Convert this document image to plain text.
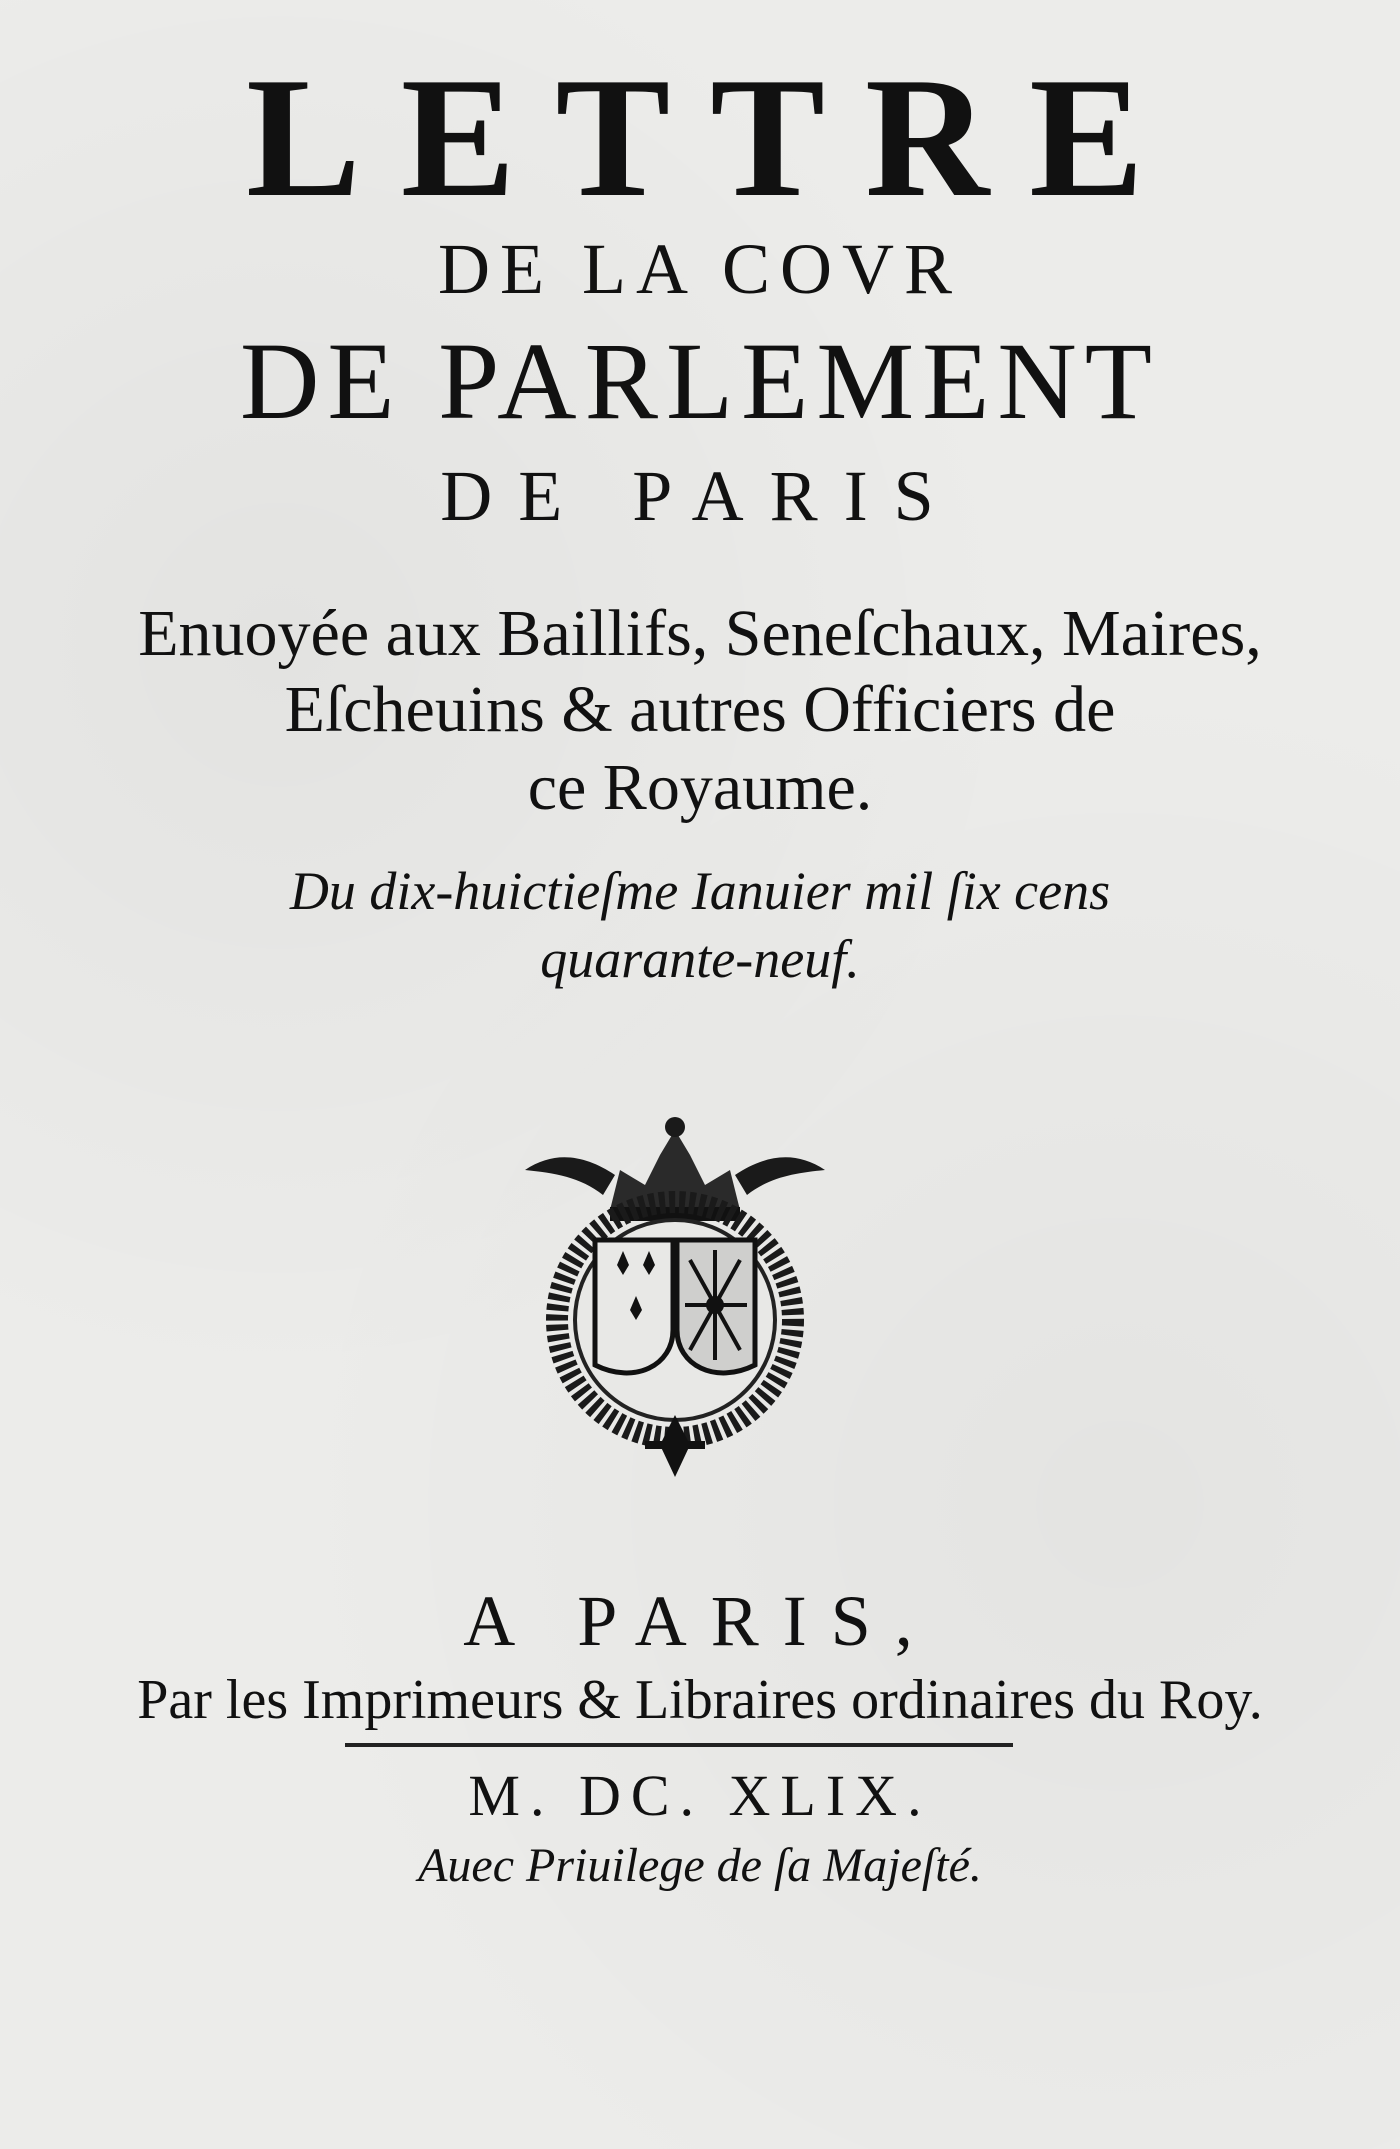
LETTRE
DE LA COVR
DE PARLEMENT
DE PARIS
Enuoyée aux Baillifs, Seneſchaux, Maires,
Eſcheuins & autres Officiers de
ce Royaume.
Du dix-huictieſme Ianuier mil ſix cens
quarante-neuf.
A PARIS,
Par les Imprimeurs & Libraires ordinaires du Roy.
M. DC. XLIX.
Auec Priuilege de ſa Majeſté.
